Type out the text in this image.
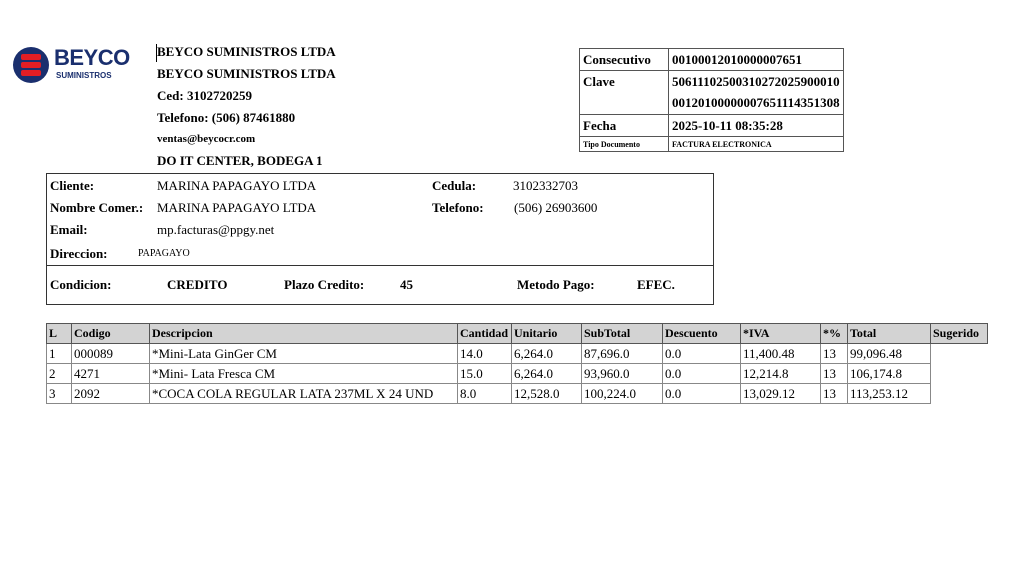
BEYCO
SUMINISTROS
BEYCO SUMINISTROS LTDA
BEYCO SUMINISTROS LTDA
Ced: 3102720259
Telefono: (506) 87461880
ventas@beycocr.com
DO IT CENTER, BODEGA 1
Consecutivo	00100012010000007651
Clave	50611102500310272025900010
	00120100000007651114351308
Fecha	2025-10-11 08:35:28
Tipo Documento	FACTURA ELECTRONICA
Cliente:	MARINA PAPAGAYO LTDA	Cedula:	3102332703
Nombre Comer.: MARINA PAPAGAYO LTDA	Telefono: (506) 26903600
Email:	mp.facturas@ppgy.net
Direccion:	PAPAGAYO
Condicion:	CREDITO	Plazo Credito:	45	Metodo Pago:	EFEC.
L	Codigo	Descripcion	Cantidad	Unitario	SubTotal	Descuento	*IVA	*%	Total	Sugerido
1	000089	*Mini-Lata GinGer CM	14.0	6,264.0	87,696.0	0.0	11,400.48	13	99,096.48	
2	4271	*Mini- Lata Fresca CM	15.0	6,264.0	93,960.0	0.0	12,214.8	13	106,174.8	
3	2092	*COCA COLA REGULAR LATA 237ML X 24 UND	8.0	12,528.0	100,224.0	0.0	13,029.12	13	113,253.12	
